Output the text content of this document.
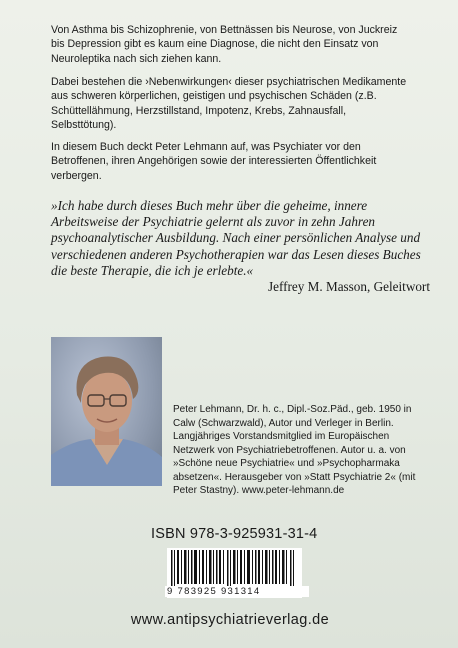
Von Asthma bis Schizophrenie, von Bettnässen bis Neurose, von Juckreiz bis Depression gibt es kaum eine Diagnose, die nicht den Einsatz von Neuroleptika nach sich ziehen kann.

Dabei bestehen die ›Nebenwirkungen‹ dieser psychiatrischen Medikamente aus schweren körperlichen, geistigen und psychischen Schäden (z.B. Schüttellähmung, Herzstillstand, Impotenz, Krebs, Zahnausfall, Selbsttötung).

In diesem Buch deckt Peter Lehmann auf, was Psychiater vor den Betroffenen, ihren Angehörigen sowie der interessierten Öffentlichkeit verbergen.

»Ich habe durch dieses Buch mehr über die geheime, innere Arbeitsweise der Psychiatrie gelernt als zuvor in zehn Jahren psychoanalytischer Ausbildung. Nach einer persönlichen Analyse und verschiedenen anderen Psychotherapien war das Lesen dieses Buches die beste Therapie, die ich je erlebte.«

Jeffrey M. Masson, Geleitwort

Peter Lehmann, Dr. h. c., Dipl.-Soz.Päd., geb. 1950 in Calw (Schwarzwald), Autor und Verleger in Berlin. Langjähriges Vorstandsmitglied im Europäischen Netzwerk von Psychiatriebetroffenen. Autor u. a. von »Schöne neue Psychiatrie« und »Psychopharmaka absetzen«. Herausgeber von »Statt Psychiatrie 2« (mit Peter Stastny). www.peter-lehmann.de

ISBN 978-3-925931-31-4

9 783925 931314

www.antipsychiatrieverlag.de
